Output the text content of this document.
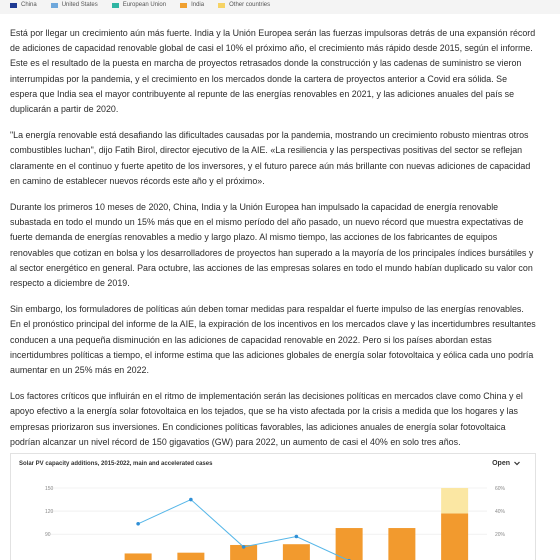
China	United States	European Union	India	Other countries

Está por llegar un crecimiento aún más fuerte. India y la Unión Europea serán las fuerzas impulsoras detrás de una expansión récord de adiciones de capacidad renovable global de casi el 10% el próximo año, el crecimiento más rápido desde 2015, según el informe. Este es el resultado de la puesta en marcha de proyectos retrasados donde la construcción y las cadenas de suministro se vieron interrumpidas por la pandemia, y el crecimiento en los mercados donde la cartera de proyectos anterior a Covid era sólida. Se espera que India sea el mayor contribuyente al repunte de las energías renovables en 2021, y las adiciones anuales del país se duplicarán a partir de 2020.

"La energía renovable está desafiando las dificultades causadas por la pandemia, mostrando un crecimiento robusto mientras otros combustibles luchan", dijo Fatih Birol, director ejecutivo de la AIE. «La resiliencia y las perspectivas positivas del sector se reflejan claramente en el continuo y fuerte apetito de los inversores, y el futuro parece aún más brillante con nuevas adiciones de capacidad en camino de establecer nuevos récords este año y el próximo».

Durante los primeros 10 meses de 2020, China, India y la Unión Europea han impulsado la capacidad de energía renovable subastada en todo el mundo un 15% más que en el mismo período del año pasado, un nuevo récord que muestra expectativas de fuerte demanda de energías renovables a medio y largo plazo. Al mismo tiempo, las acciones de los fabricantes de equipos renovables que cotizan en bolsa y los desarrolladores de proyectos han superado a la mayoría de los principales índices bursátiles y al sector energético en general. Para octubre, las acciones de las empresas solares en todo el mundo habían duplicado su valor con respecto a diciembre de 2019.

Sin embargo, los formuladores de políticas aún deben tomar medidas para respaldar el fuerte impulso de las energías renovables. En el pronóstico principal del informe de la AIE, la expiración de los incentivos en los mercados clave y las incertidumbres resultantes conducen a una pequeña disminución en las adiciones de capacidad renovable en 2022. Pero si los países abordan estas incertidumbres políticas a tiempo, el informe estima que las adiciones globales de energía solar fotovoltaica y eólica cada uno podría aumentar en un 25% más en 2022.

Los factores críticos que influirán en el ritmo de implementación serán las decisiones políticas en mercados clave como China y el apoyo efectivo a la energía solar fotovoltaica en los tejados, que se ha visto afectada por la crisis a medida que los hogares y las empresas priorizaron sus inversiones. En condiciones políticas favorables, las adiciones anuales de energía solar fotovoltaica podrían alcanzar un nivel récord de 150 gigavatios (GW) para 2022, un aumento de casi el 40% en solo tres años.

150
120
90
60%
40%
20%
Solar PV capacity additions, 2015-2022, main and accelerated cases	Open
